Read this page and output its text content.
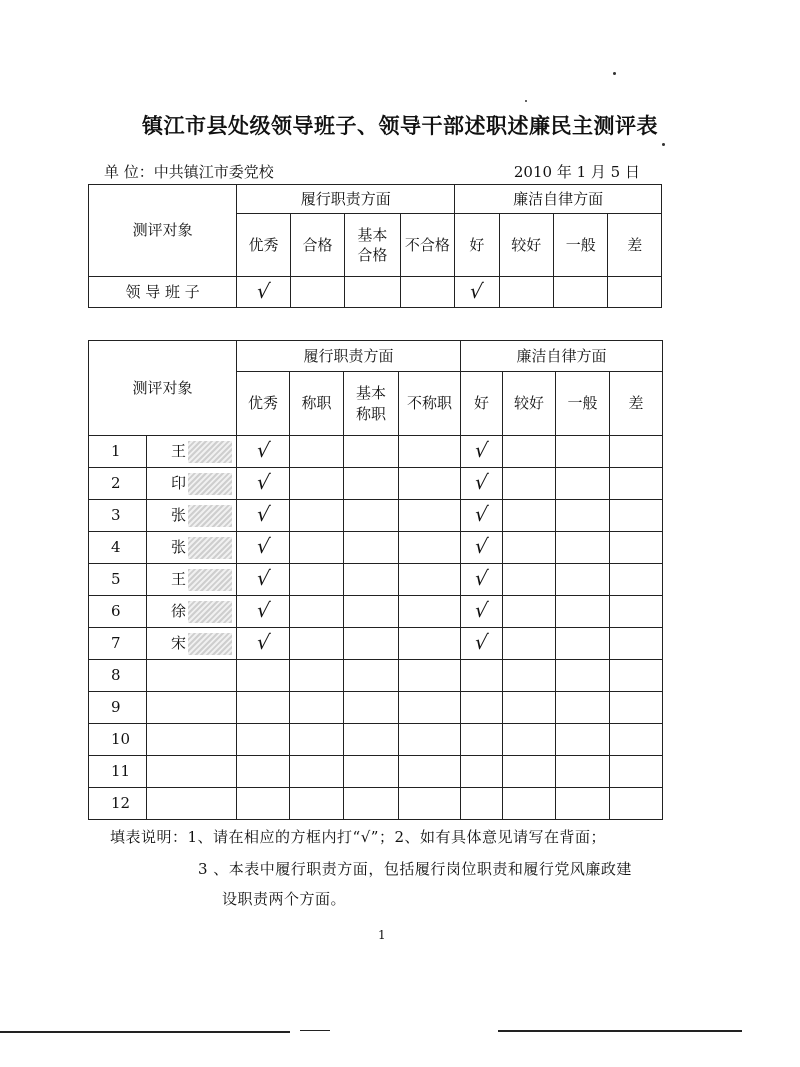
镇江市县处级领导班子、领导干部述职述廉民主测评表
单 位：中共镇江市委党校	2010 年 1 月 5 日
测评对象	履行职责方面				廉洁自律方面			
	优秀	合格	基本
合格	不合格	好	较好	一般	差
领 导 班 子	√				√			
测评对象		履行职责方面				廉洁自律方面			
		优秀	称职	基本
称职	不称职	好	较好	一般	差
1	王	√				√			
2	印	√				√			
3	张	√				√			
4	张	√				√			
5	王	√				√			
6	徐	√				√			
7	宋	√				√			
8									
9									
10									
11									
12									
填表说明：1、请在相应的方框内打“√”；2、如有具体意见请写在背面；
3 、本表中履行职责方面，包括履行岗位职责和履行党风廉政建
设职责两个方面。
1
